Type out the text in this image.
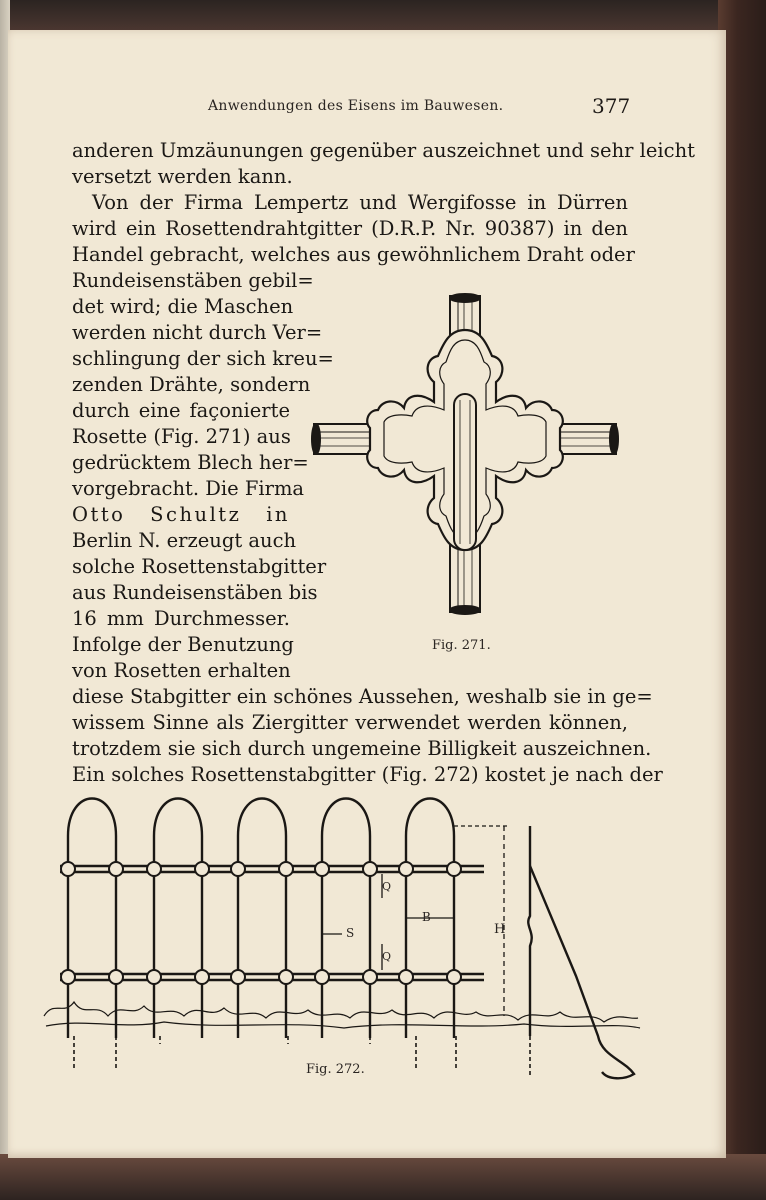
Anwendungen des Eisens im Bauwesen.	377
anderen Umzäunungen gegenüber auszeichnet und sehr leicht
versetzt werden kann.
Von der Firma Lempertz und Wergifosse in Dürren
wird ein Rosettendrahtgitter (D.R.P. Nr. 90387) in den
Handel gebracht, welches aus gewöhnlichem Draht oder
Rundeisenstäben gebil=
det wird; die Maschen
werden nicht durch Ver=
schlingung der sich kreu=
zenden Drähte, sondern
durch eine façonierte
Rosette (Fig. 271) aus
gedrücktem Blech her=
vorgebracht. Die Firma
Otto Schultz in
Berlin N. erzeugt auch
solche Rosettenstabgitter
aus Rundeisenstäben bis
16 mm Durchmesser.
Infolge der Benutzung
von Rosetten erhalten
diese Stabgitter ein schönes Aussehen, weshalb sie in ge=
wissem Sinne als Ziergitter verwendet werden können,
trotzdem sie sich durch ungemeine Billigkeit auszeichnen.
Ein solches Rosettenstabgitter (Fig. 272) kostet je nach der
Fig. 271.
Q
Q
S
B
H
Fig. 272.
